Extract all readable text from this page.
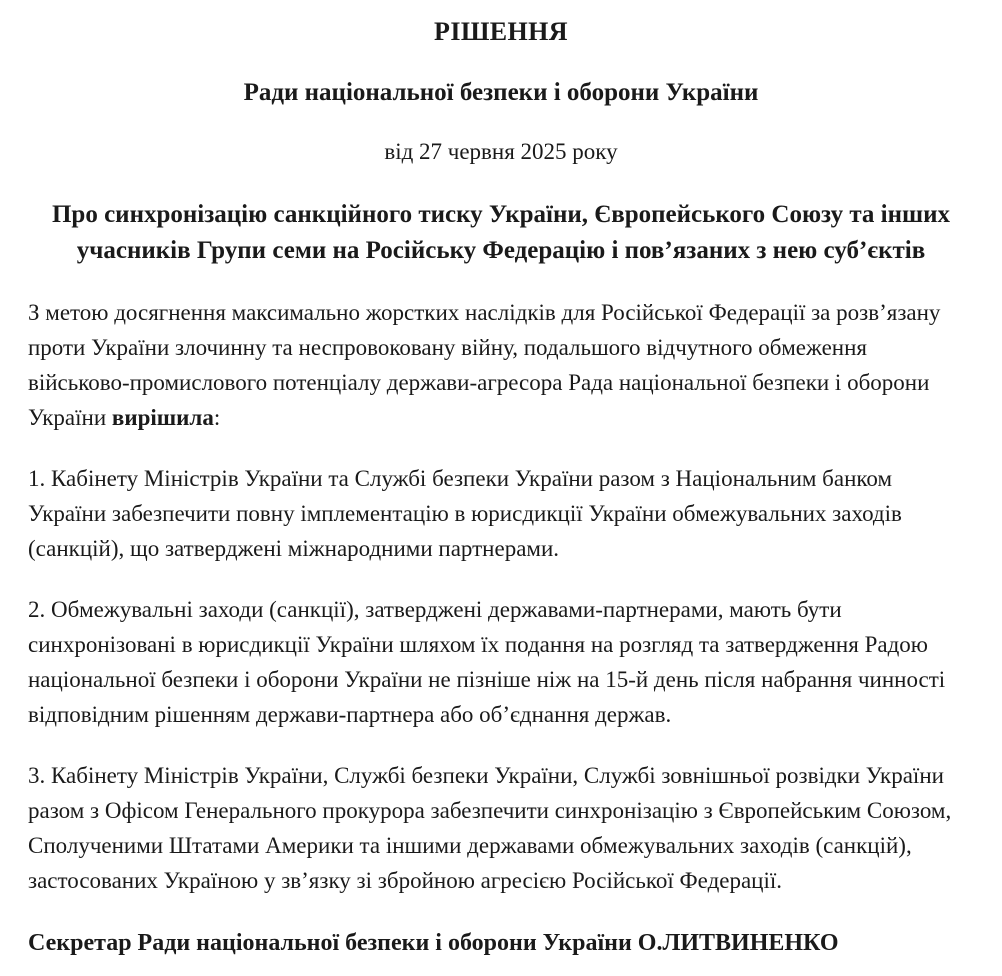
РІШЕННЯ
Ради національної безпеки і оборони України

від 27 червня 2025 року

Про синхронізацію санкційного тиску України, Європейського Союзу та інших учасників Групи семи на Російську Федерацію і пов’язаних з нею суб’єктів

З метою досягнення максимально жорстких наслідків для Російської Федерації за розв’язану проти України злочинну та неспровоковану війну, подальшого відчутного обмеження військово-промислового потенціалу держави-агресора Рада національної безпеки і оборони України вирішила:

1. Кабінету Міністрів України та Службі безпеки України разом з Національним банком України забезпечити повну імплементацію в юрисдикції України обмежувальних заходів (санкцій), що затверджені міжнародними партнерами.

2. Обмежувальні заходи (санкції), затверджені державами-партнерами, мають бути синхронізовані в юрисдикції України шляхом їх подання на розгляд та затвердження Радою національної безпеки і оборони України не пізніше ніж на 15-й день після набрання чинності відповідним рішенням держави-партнера або об’єднання держав.

3. Кабінету Міністрів України, Службі безпеки України, Службі зовнішньої розвідки України разом з Офісом Генерального прокурора забезпечити синхронізацію з Європейським Союзом, Сполученими Штатами Америки та іншими державами обмежувальних заходів (санкцій), застосованих Україною у зв’язку зі збройною агресією Російської Федерації.

Секретар Ради національної безпеки і оборони України О.ЛИТВИНЕНКО
